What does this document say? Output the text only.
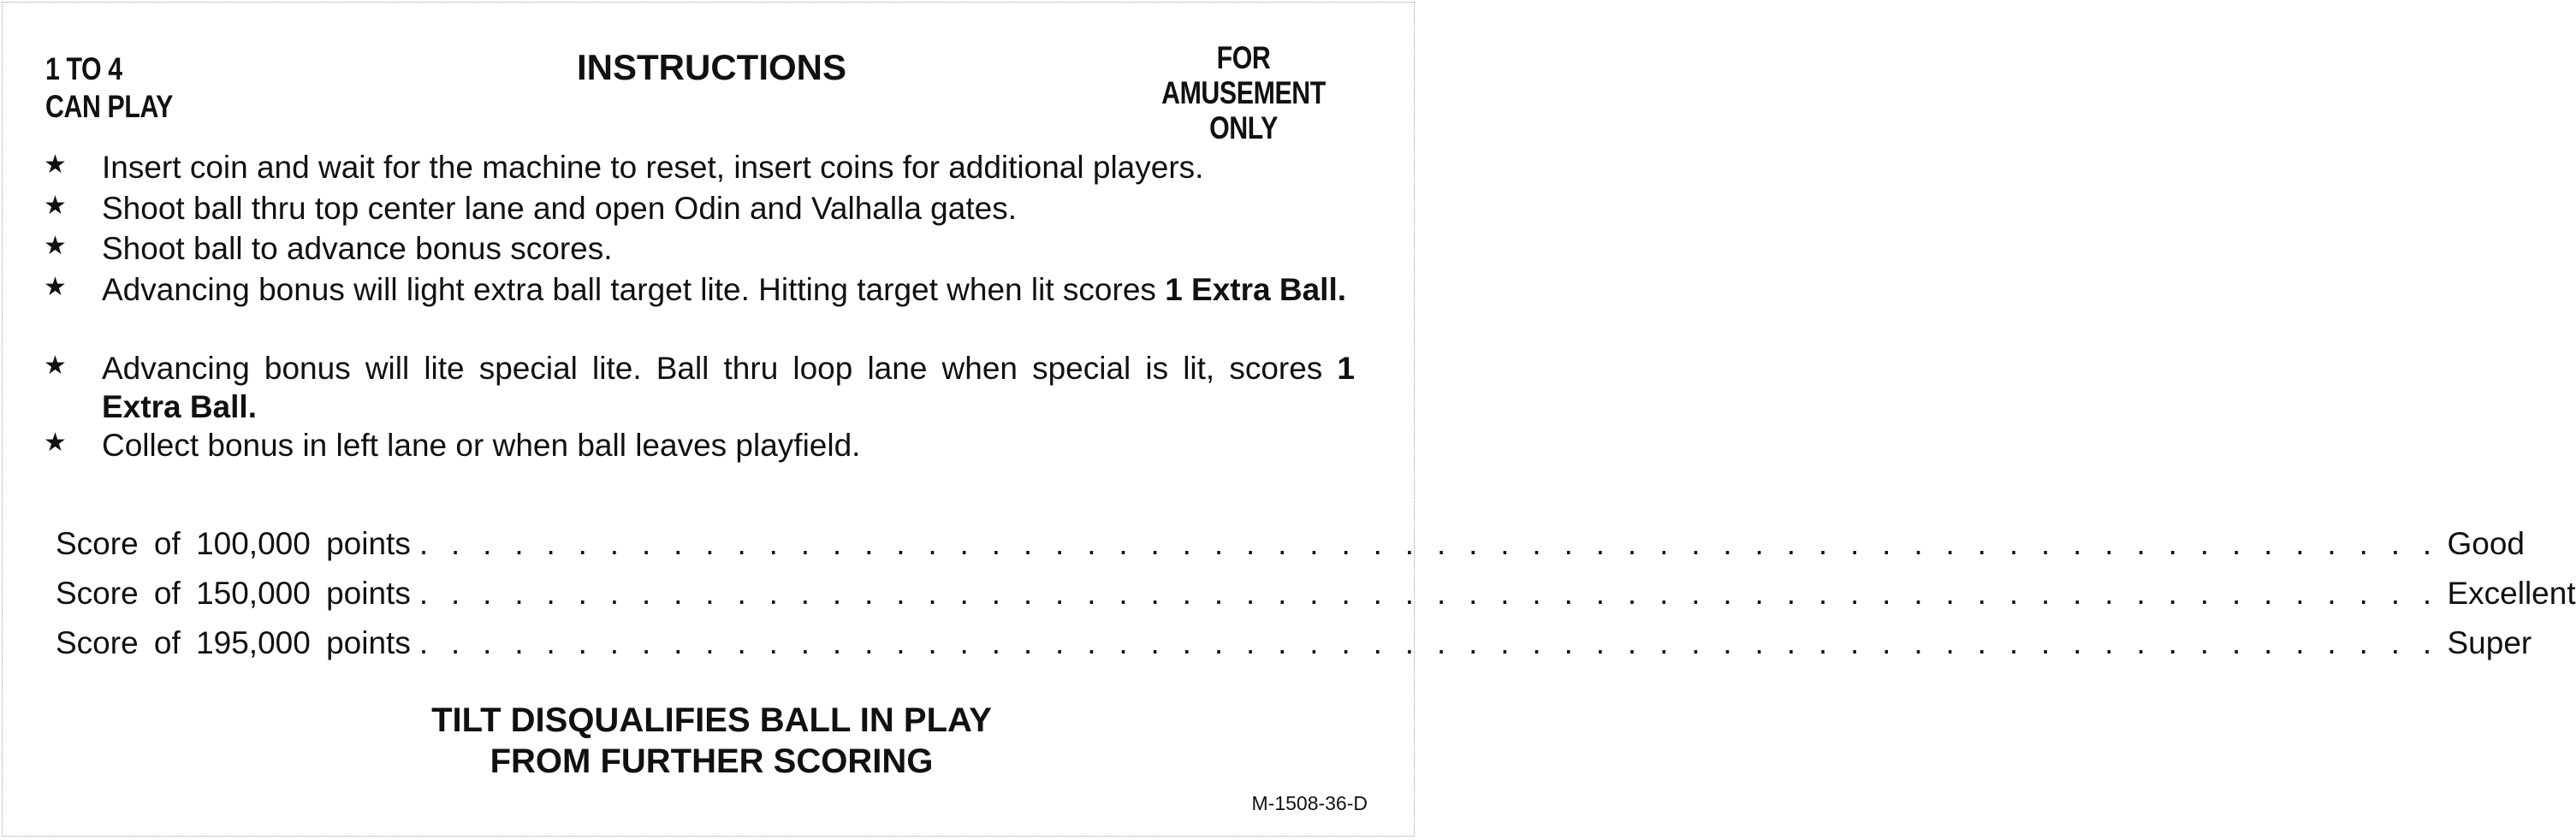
1 TO 4
CAN PLAY
INSTRUCTIONS	FOR
AMUSEMENT
ONLY
★ Insert coin and wait for the machine to reset, insert coins for additional players.
★ Shoot ball thru top center lane and open Odin and Valhalla gates.
★ Shoot ball to advance bonus scores.
★ Advancing bonus will light extra ball target lite. Hitting target when lit scores 1 Extra Ball.
★ Advancing bonus will lite special lite. Ball thru loop lane when special is lit, scores 1 Extra Ball.
★ Collect bonus in left lane or when ball leaves playfield.
Score of 100,000 points . . . . . . . . . . . . . . . . . . . . . . . . . . . . . . . . . . . . . . . . . . . . . . . . . . . . . . . . . . . . . . . . Good
Score of 150,000 points . . . . . . . . . . . . . . . . . . . . . . . . . . . . . . . . . . . . . . . . . . . . . . . . . . . . . . . . . . . . . . . . Excellent
Score of 195,000 points . . . . . . . . . . . . . . . . . . . . . . . . . . . . . . . . . . . . . . . . . . . . . . . . . . . . . . . . . . . . . . . . Super
TILT DISQUALIFIES BALL IN PLAY
FROM FURTHER SCORING
M-1508-36-D
